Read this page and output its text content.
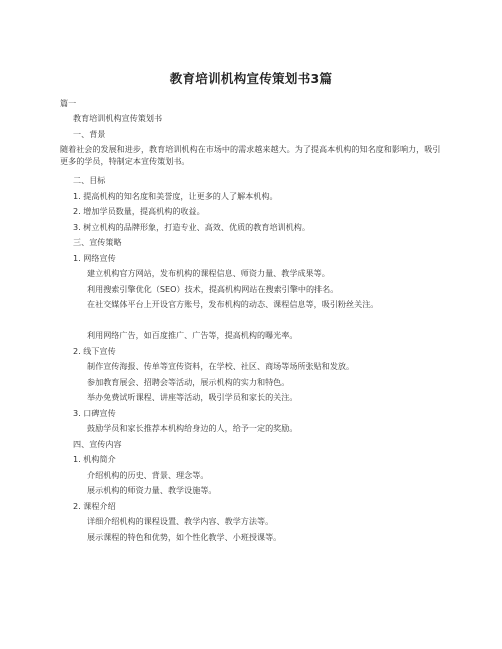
教育培训机构宣传策划书3篇
篇一
教育培训机构宣传策划书
一、背景
随着社会的发展和进步，教育培训机构在市场中的需求越来越大。为了提高本机构的知名度和影响力，吸引更多的学员，特制定本宣传策划书。
二、目标
1. 提高机构的知名度和美誉度，让更多的人了解本机构。
2. 增加学员数量，提高机构的收益。
3. 树立机构的品牌形象，打造专业、高效、优质的教育培训机构。
三、宣传策略
1. 网络宣传
建立机构官方网站，发布机构的课程信息、师资力量、教学成果等。
利用搜索引擎优化（SEO）技术，提高机构网站在搜索引擎中的排名。
在社交媒体平台上开设官方账号，发布机构的动态、课程信息等，吸引粉丝关注。
利用网络广告，如百度推广、广告等，提高机构的曝光率。
2. 线下宣传
制作宣传海报、传单等宣传资料，在学校、社区、商场等场所张贴和发放。
参加教育展会、招聘会等活动，展示机构的实力和特色。
举办免费试听课程、讲座等活动，吸引学员和家长的关注。
3. 口碑宣传
鼓励学员和家长推荐本机构给身边的人，给予一定的奖励。
四、宣传内容
1. 机构简介
介绍机构的历史、背景、理念等。
展示机构的师资力量、教学设施等。
2. 课程介绍
详细介绍机构的课程设置、教学内容、教学方法等。
展示课程的特色和优势，如个性化教学、小班授课等。
